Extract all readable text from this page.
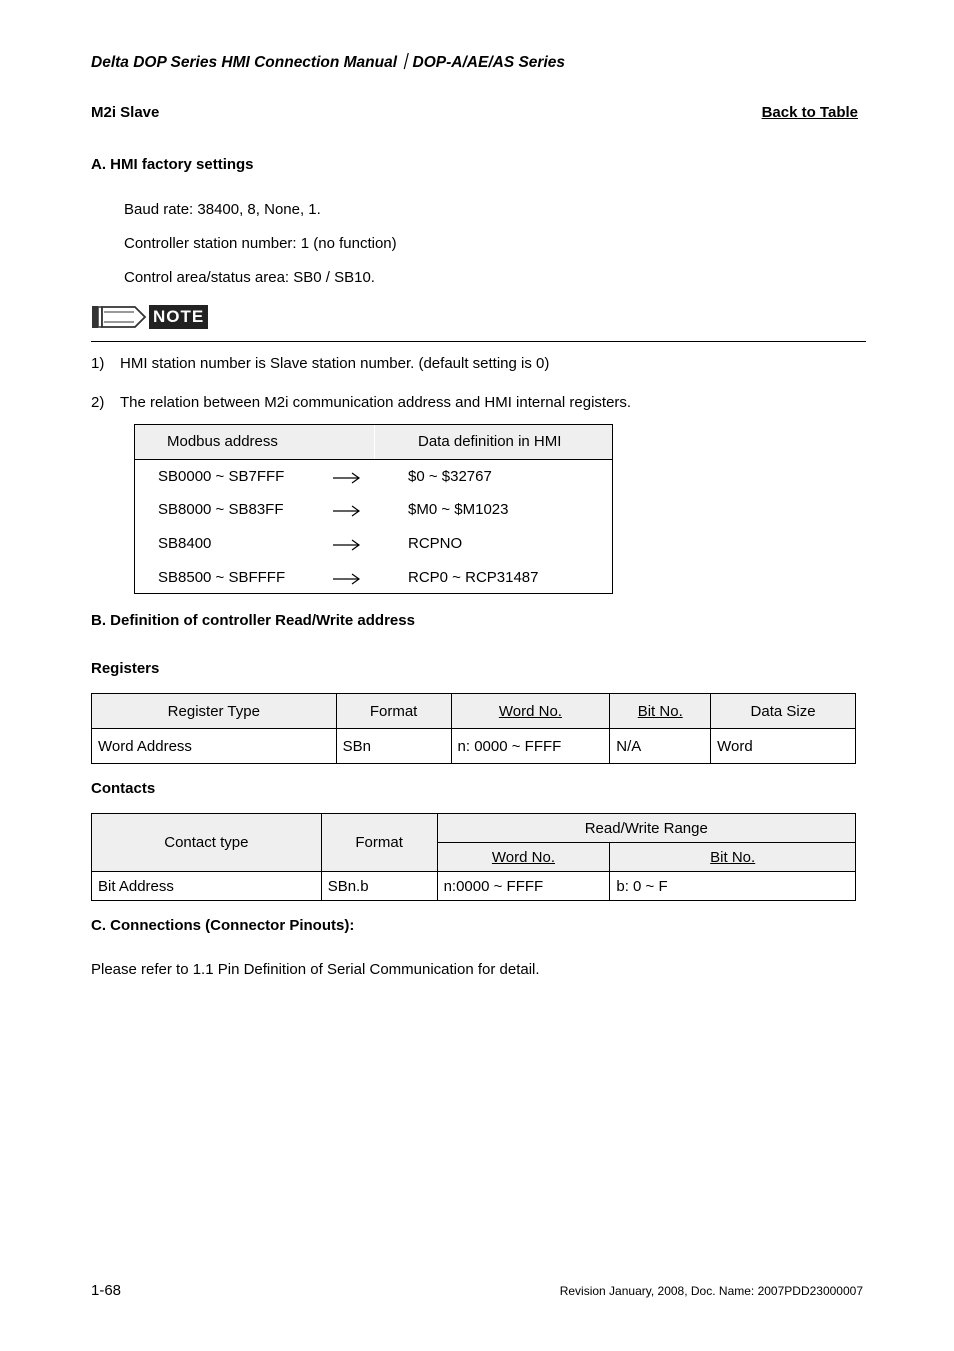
Delta DOP Series HMI Connection Manual｜DOP-A/AE/AS Series
M2i Slave	Back to Table
A. HMI factory settings
Baud rate: 38400, 8, None, 1.
Controller station number: 1 (no function)
Control area/status area: SB0 / SB10.
NOTE
1) HMI station number is Slave station number. (default setting is 0)
2) The relation between M2i communication address and HMI internal registers.
Modbus address	Data definition in HMI
SB0000 ~ SB7FFF	$0 ~ $32767
SB8000 ~ SB83FF	$M0 ~ $M1023
SB8400	RCPNO
SB8500 ~ SBFFFF	RCP0 ~ RCP31487
B. Definition of controller Read/Write address
Registers
Register Type	Format	Word No.	Bit No.	Data Size
Word Address	SBn	n: 0000 ~ FFFF	N/A	Word
Contacts
Contact type	Format	Read/Write Range	
		Word No.	Bit No.
Bit Address	SBn.b	n:0000 ~ FFFF	b: 0 ~ F
C. Connections (Connector Pinouts):
Please refer to 1.1 Pin Definition of Serial Communication for detail.
1-68	Revision January, 2008, Doc. Name: 2007PDD23000007
